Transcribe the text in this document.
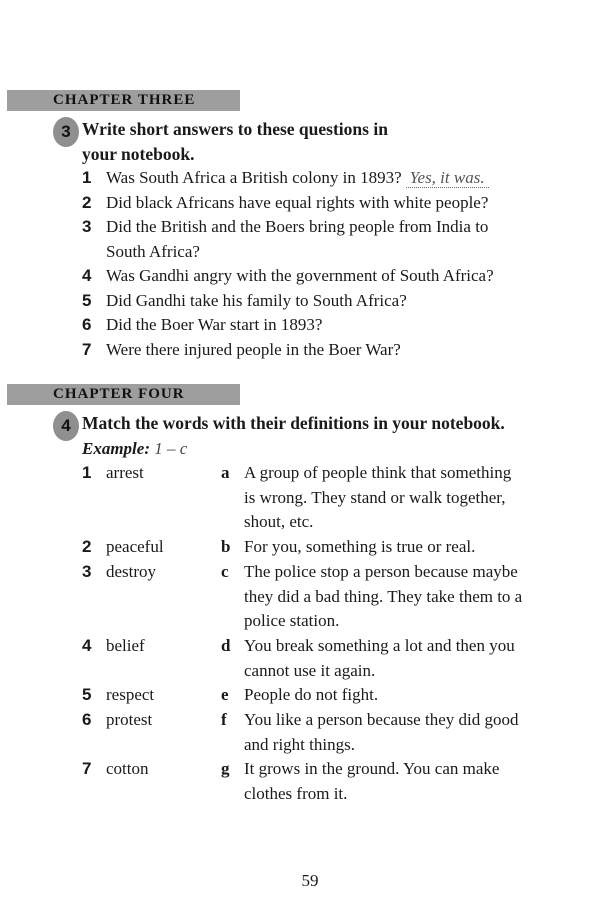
CHAPTER THREE
3 Write short answers to these questions in
your notebook.
1 Was South Africa a British colony in 1893? Yes, it was.
2 Did black Africans have equal rights with white people?
3 Did the British and the Boers bring people from India to
South Africa?
4 Was Gandhi angry with the government of South Africa?
5 Did Gandhi take his family to South Africa?
6 Did the Boer War start in 1893?
7 Were there injured people in the Boer War?
CHAPTER FOUR
4 Match the words with their definitions in your notebook.
Example: 1 – c
1 arrest	a A group of people think that something
is wrong. They stand or walk together,
shout, etc.
2 peaceful	b For you, something is true or real.
3 destroy	c The police stop a person because maybe
they did a bad thing. They take them to a
police station.
4 belief	d You break something a lot and then you
cannot use it again.
5 respect	e People do not fight.
6 protest	f You like a person because they did good
and right things.
7 cotton	g It grows in the ground. You can make
clothes from it.
59
